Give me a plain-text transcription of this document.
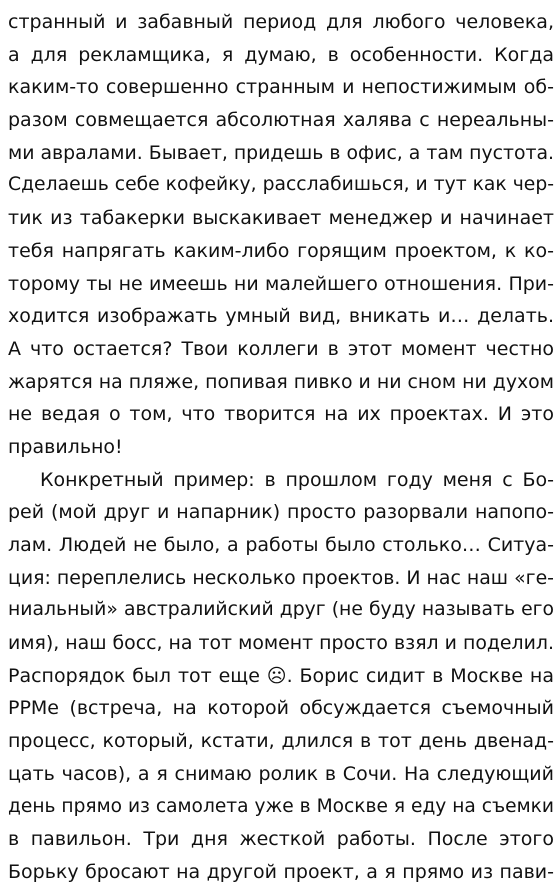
странный и забавный период для любого человека,
а для рекламщика, я думаю, в особенности. Когда
каким-то совершенно странным и непостижимым об-
разом совмещается абсолютная халява с нереальны-
ми авралами. Бывает, придешь в офис, а там пустота.
Сделаешь себе кофейку, расслабишься, и тут как чер-
тик из табакерки выскакивает менеджер и начинает
тебя напрягать каким-либо горящим проектом, к ко-
торому ты не имеешь ни малейшего отношения. При-
ходится изображать умный вид, вникать и… делать.
А что остается? Твои коллеги в этот момент честно
жарятся на пляже, попивая пивко и ни сном ни духом
не ведая о том, что творится на их проектах. И это
правильно!
Конкретный пример: в прошлом году меня с Бо-
рей (мой друг и напарник) просто разорвали напопо-
лам. Людей не было, а работы было столько… Ситуа-
ция: переплелись несколько проектов. И нас наш «ге-
ниальный» австралийский друг (не буду называть его
имя), наш босс, на тот момент просто взял и поделил.
Распорядок был тот еще ☹. Борис сидит в Москве на
PPMe (встреча, на которой обсуждается съемочный
процесс, который, кстати, длился в тот день двенад-
цать часов), а я снимаю ролик в Сочи. На следующий
день прямо из самолета уже в Москве я еду на съемки
в павильон. Три дня жесткой работы. После этого
Борьку бросают на другой проект, а я прямо из пави-
